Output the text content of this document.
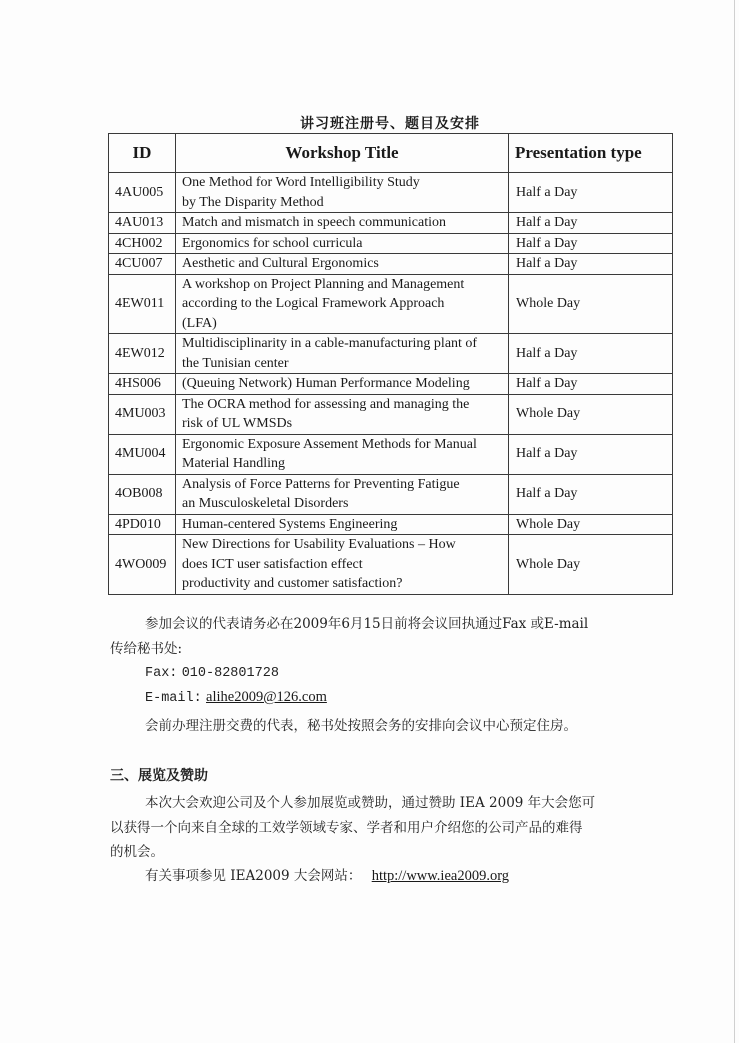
讲习班注册号、题目及安排
ID	Workshop Title	Presentation type
4AU005	One Method for Word Intelligibility Study
by The Disparity Method	Half a Day
4AU013	Match and mismatch in speech communication	Half a Day
4CH002	Ergonomics for school curricula	Half a Day
4CU007	Aesthetic and Cultural Ergonomics	Half a Day
4EW011	A workshop on Project Planning and Management
according to the Logical Framework Approach
(LFA)	Whole Day
4EW012	Multidisciplinarity in a cable-manufacturing plant of
the Tunisian center	Half a Day
4HS006	(Queuing Network) Human Performance Modeling	Half a Day
4MU003	The OCRA method for assessing and managing the
risk of UL WMSDs	Whole Day
4MU004	Ergonomic Exposure Assement Methods for Manual
Material Handling	Half a Day
4OB008	Analysis of Force Patterns for Preventing Fatigue
an Musculoskeletal Disorders	Half a Day
4PD010	Human-centered Systems Engineering	Whole Day
4WO009	New Directions for Usability Evaluations – How
does ICT user satisfaction effect
productivity and customer satisfaction?	Whole Day
参加会议的代表请务必在2009年6月15日前将会议回执通过Fax 或E-mail
传给秘书处:
Fax: 010-82801728
E-mail: alihe2009@126.com
会前办理注册交费的代表，秘书处按照会务的安排向会议中心预定住房。
三、展览及赞助
本次大会欢迎公司及个人参加展览或赞助，通过赞助 IEA 2009 年大会您可
以获得一个向来自全球的工效学领域专家、学者和用户介绍您的公司产品的难得
的机会。
有关事项参见 IEA2009 大会网站： http://www.iea2009.org
